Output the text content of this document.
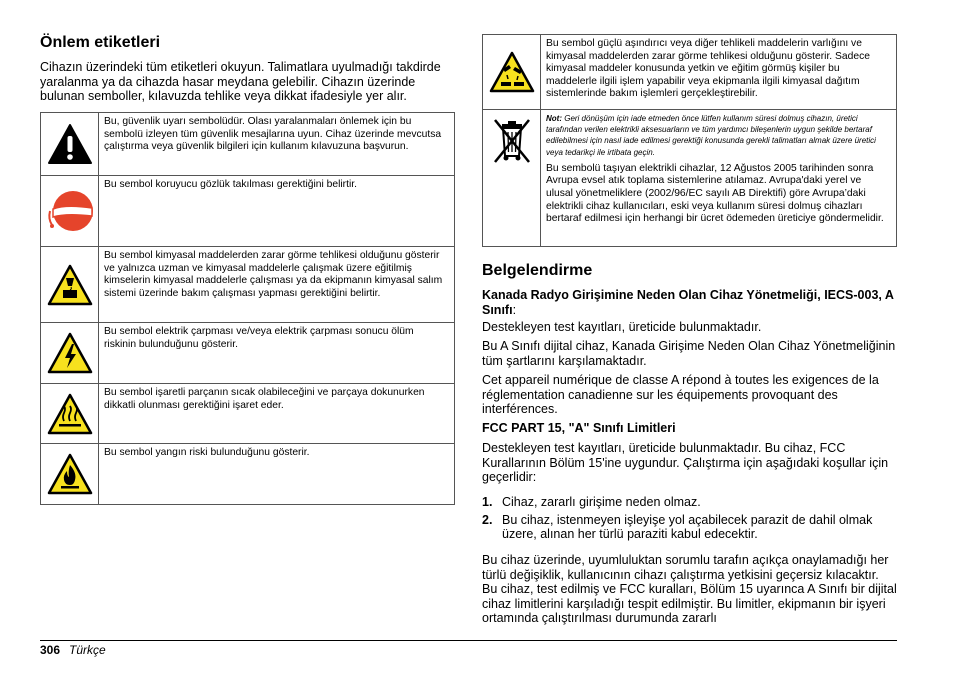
Önlem etiketleri

Cihazın üzerindeki tüm etiketleri okuyun. Talimatlara uyulmadığı takdirde yaralanma ya da cihazda hasar meydana gelebilir. Cihazın üzerinde bulunan semboller, kılavuzda tehlike veya dikkat ifadesiyle yer alır.

	Bu, güvenlik uyarı sembolüdür. Olası yaralanmaları önlemek için bu sembolü izleyen tüm güvenlik mesajlarına uyun. Cihaz üzerinde mevcutsa çalıştırma veya güvenlik bilgileri için kullanım kılavuzuna başvurun.

	Bu sembol koruyucu gözlük takılması gerektiğini belirtir.

	Bu sembol kimyasal maddelerden zarar görme tehlikesi olduğunu gösterir ve yalnızca uzman ve kimyasal maddelerle çalışmak üzere eğitilmiş kimselerin kimyasal maddelerle çalışması ya da ekipmanın kimyasal salım sistemi üzerinde bakım çalışması yapması gerektiğini belirtir.

	Bu sembol elektrik çarpması ve/veya elektrik çarpması sonucu ölüm riskinin bulunduğunu gösterir.

	Bu sembol işaretli parçanın sıcak olabileceğini ve parçaya dokunurken dikkatli olunması gerektiğini işaret eder.

	Bu sembol yangın riski bulunduğunu gösterir.
	Bu sembol güçlü aşındırıcı veya diğer tehlikeli maddelerin varlığını ve kimyasal maddelerden zarar görme tehlikesi olduğunu gösterir. Sadece kimyasal maddeler konusunda yetkin ve eğitim görmüş kişiler bu maddelerle ilgili işlem yapabilir veya ekipmanla ilgili kimyasal dağıtım sistemlerinde bakım işlemleri gerçekleştirebilir.

Not: Geri dönüşüm için iade etmeden önce lütfen kullanım süresi dolmuş cihazın, üretici tarafından verilen elektrikli aksesuarların ve tüm yardımcı bileşenlerin uygun şekilde bertaraf edilebilmesi için nasıl iade edilmesi gerektiği konusunda gerekli talimatları almak üzere üretici veya tedarikçi ile irtibata geçin.

Bu sembolü taşıyan elektrikli cihazlar, 12 Ağustos 2005 tarihinden sonra Avrupa evsel atık toplama sistemlerine atılamaz. Avrupa'daki yerel ve ulusal yönetmeliklere (2002/96/EC sayılı AB Direktifi) göre Avrupa’daki elektrikli cihaz kullanıcıları, eski veya kullanım süresi dolmuş cihazları bertaraf edilmesi için herhangi bir ücret ödemeden üreticiye göndermelidir.

Belgelendirme

Kanada Radyo Girişimine Neden Olan Cihaz Yönetmeliği, IECS-003, A Sınıfı:

Destekleyen test kayıtları, üreticide bulunmaktadır.

Bu A Sınıfı dijital cihaz, Kanada Girişime Neden Olan Cihaz Yönetmeliğinin tüm şartlarını karşılamaktadır.

Cet appareil numérique de classe A répond à toutes les exigences de la réglementation canadienne sur les équipements provoquant des interférences.

FCC PART 15, "A" Sınıfı Limitleri

Destekleyen test kayıtları, üreticide bulunmaktadır. Bu cihaz, FCC Kurallarının Bölüm 15'ine uygundur. Çalıştırma için aşağıdaki koşullar için geçerlidir:

1. Cihaz, zararlı girişime neden olmaz.
2. Bu cihaz, istenmeyen işleyişe yol açabilecek parazit de dahil olmak üzere, alınan her türlü paraziti kabul edecektir.

Bu cihaz üzerinde, uyumluluktan sorumlu tarafın açıkça onaylamadığı her türlü değişiklik, kullanıcının cihazı çalıştırma yetkisini geçersiz kılacaktır. Bu cihaz, test edilmiş ve FCC kuralları, Bölüm 15 uyarınca A Sınıfı bir dijital cihaz limitlerini karşıladığı tespit edilmiştir. Bu limitler, ekipmanın bir işyeri ortamında çalıştırılması durumunda zararlı

306 Türkçe
